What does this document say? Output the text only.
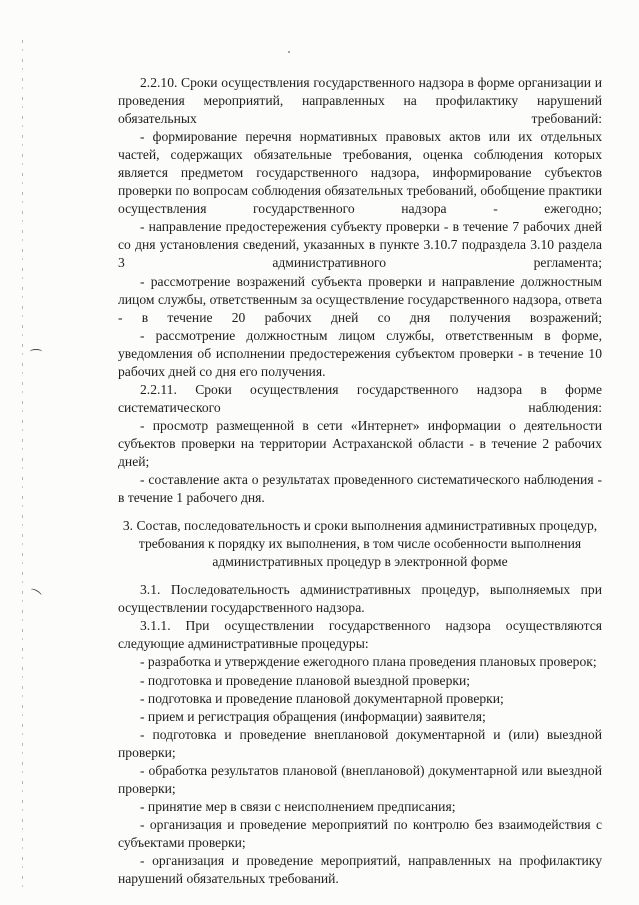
2.2.10. Сроки осуществления государственного надзора в форме организации и проведения мероприятий, направленных на профилактику нарушений обязательных требований:

- формирование перечня нормативных правовых актов или их отдельных частей, содержащих обязательные требования, оценка соблюдения которых является предметом государственного надзора, информирование субъектов проверки по вопросам соблюдения обязательных требований, обобщение практики осуществления государственного надзора - ежегодно;

- направление предостережения субъекту проверки - в течение 7 рабочих дней со дня установления сведений, указанных в пункте 3.10.7 подраздела 3.10 раздела 3 административного регламента;

- рассмотрение возражений субъекта проверки и направление должностным лицом службы, ответственным за осуществление государственного надзора, ответа - в течение 20 рабочих дней со дня получения возражений;

- рассмотрение должностным лицом службы, ответственным в форме, уведомления об исполнении предостережения субъектом проверки - в течение 10 рабочих дней со дня его получения.

2.2.11. Сроки осуществления государственного надзора в форме систематического наблюдения:

- просмотр размещенной в сети «Интернет» информации о деятельности субъектов проверки на территории Астраханской области - в течение 2 рабочих дней;

- составление акта о результатах проведенного систематического наблюдения - в течение 1 рабочего дня.

3. Состав, последовательность и сроки выполнения административных процедур, требования к порядку их выполнения, в том числе особенности выполнения административных процедур в электронной форме

3.1. Последовательность административных процедур, выполняемых при осуществлении государственного надзора.

3.1.1. При осуществлении государственного надзора осуществляются следующие административные процедуры:

- разработка и утверждение ежегодного плана проведения плановых проверок;

- подготовка и проведение плановой выездной проверки;

- подготовка и проведение плановой документарной проверки;

- прием и регистрация обращения (информации) заявителя;

- подготовка и проведение внеплановой документарной и (или) выездной проверки;

- обработка результатов плановой (внеплановой) документарной или выездной проверки;

- принятие мер в связи с неисполнением предписания;

- организация и проведение мероприятий по контролю без взаимодействия с субъектами проверки;

- организация и проведение мероприятий, направленных на профилактику нарушений обязательных требований.
